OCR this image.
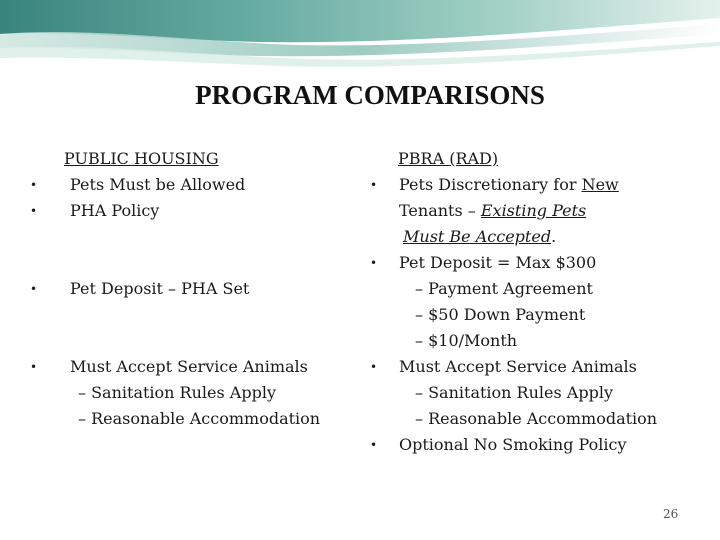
PROGRAM COMPARISONS
PUBLIC HOUSING
• Pets Must be Allowed
• PHA Policy
• Pet Deposit – PHA Set
• Must Accept Service Animals
– Sanitation Rules Apply
– Reasonable Accommodation
PBRA (RAD)
• Pets Discretionary for New
Tenants – Existing Pets
Must Be Accepted.
• Pet Deposit = Max $300
– Payment Agreement
– $50 Down Payment
– $10/Month
• Must Accept Service Animals
– Sanitation Rules Apply
– Reasonable Accommodation
• Optional No Smoking Policy
26
